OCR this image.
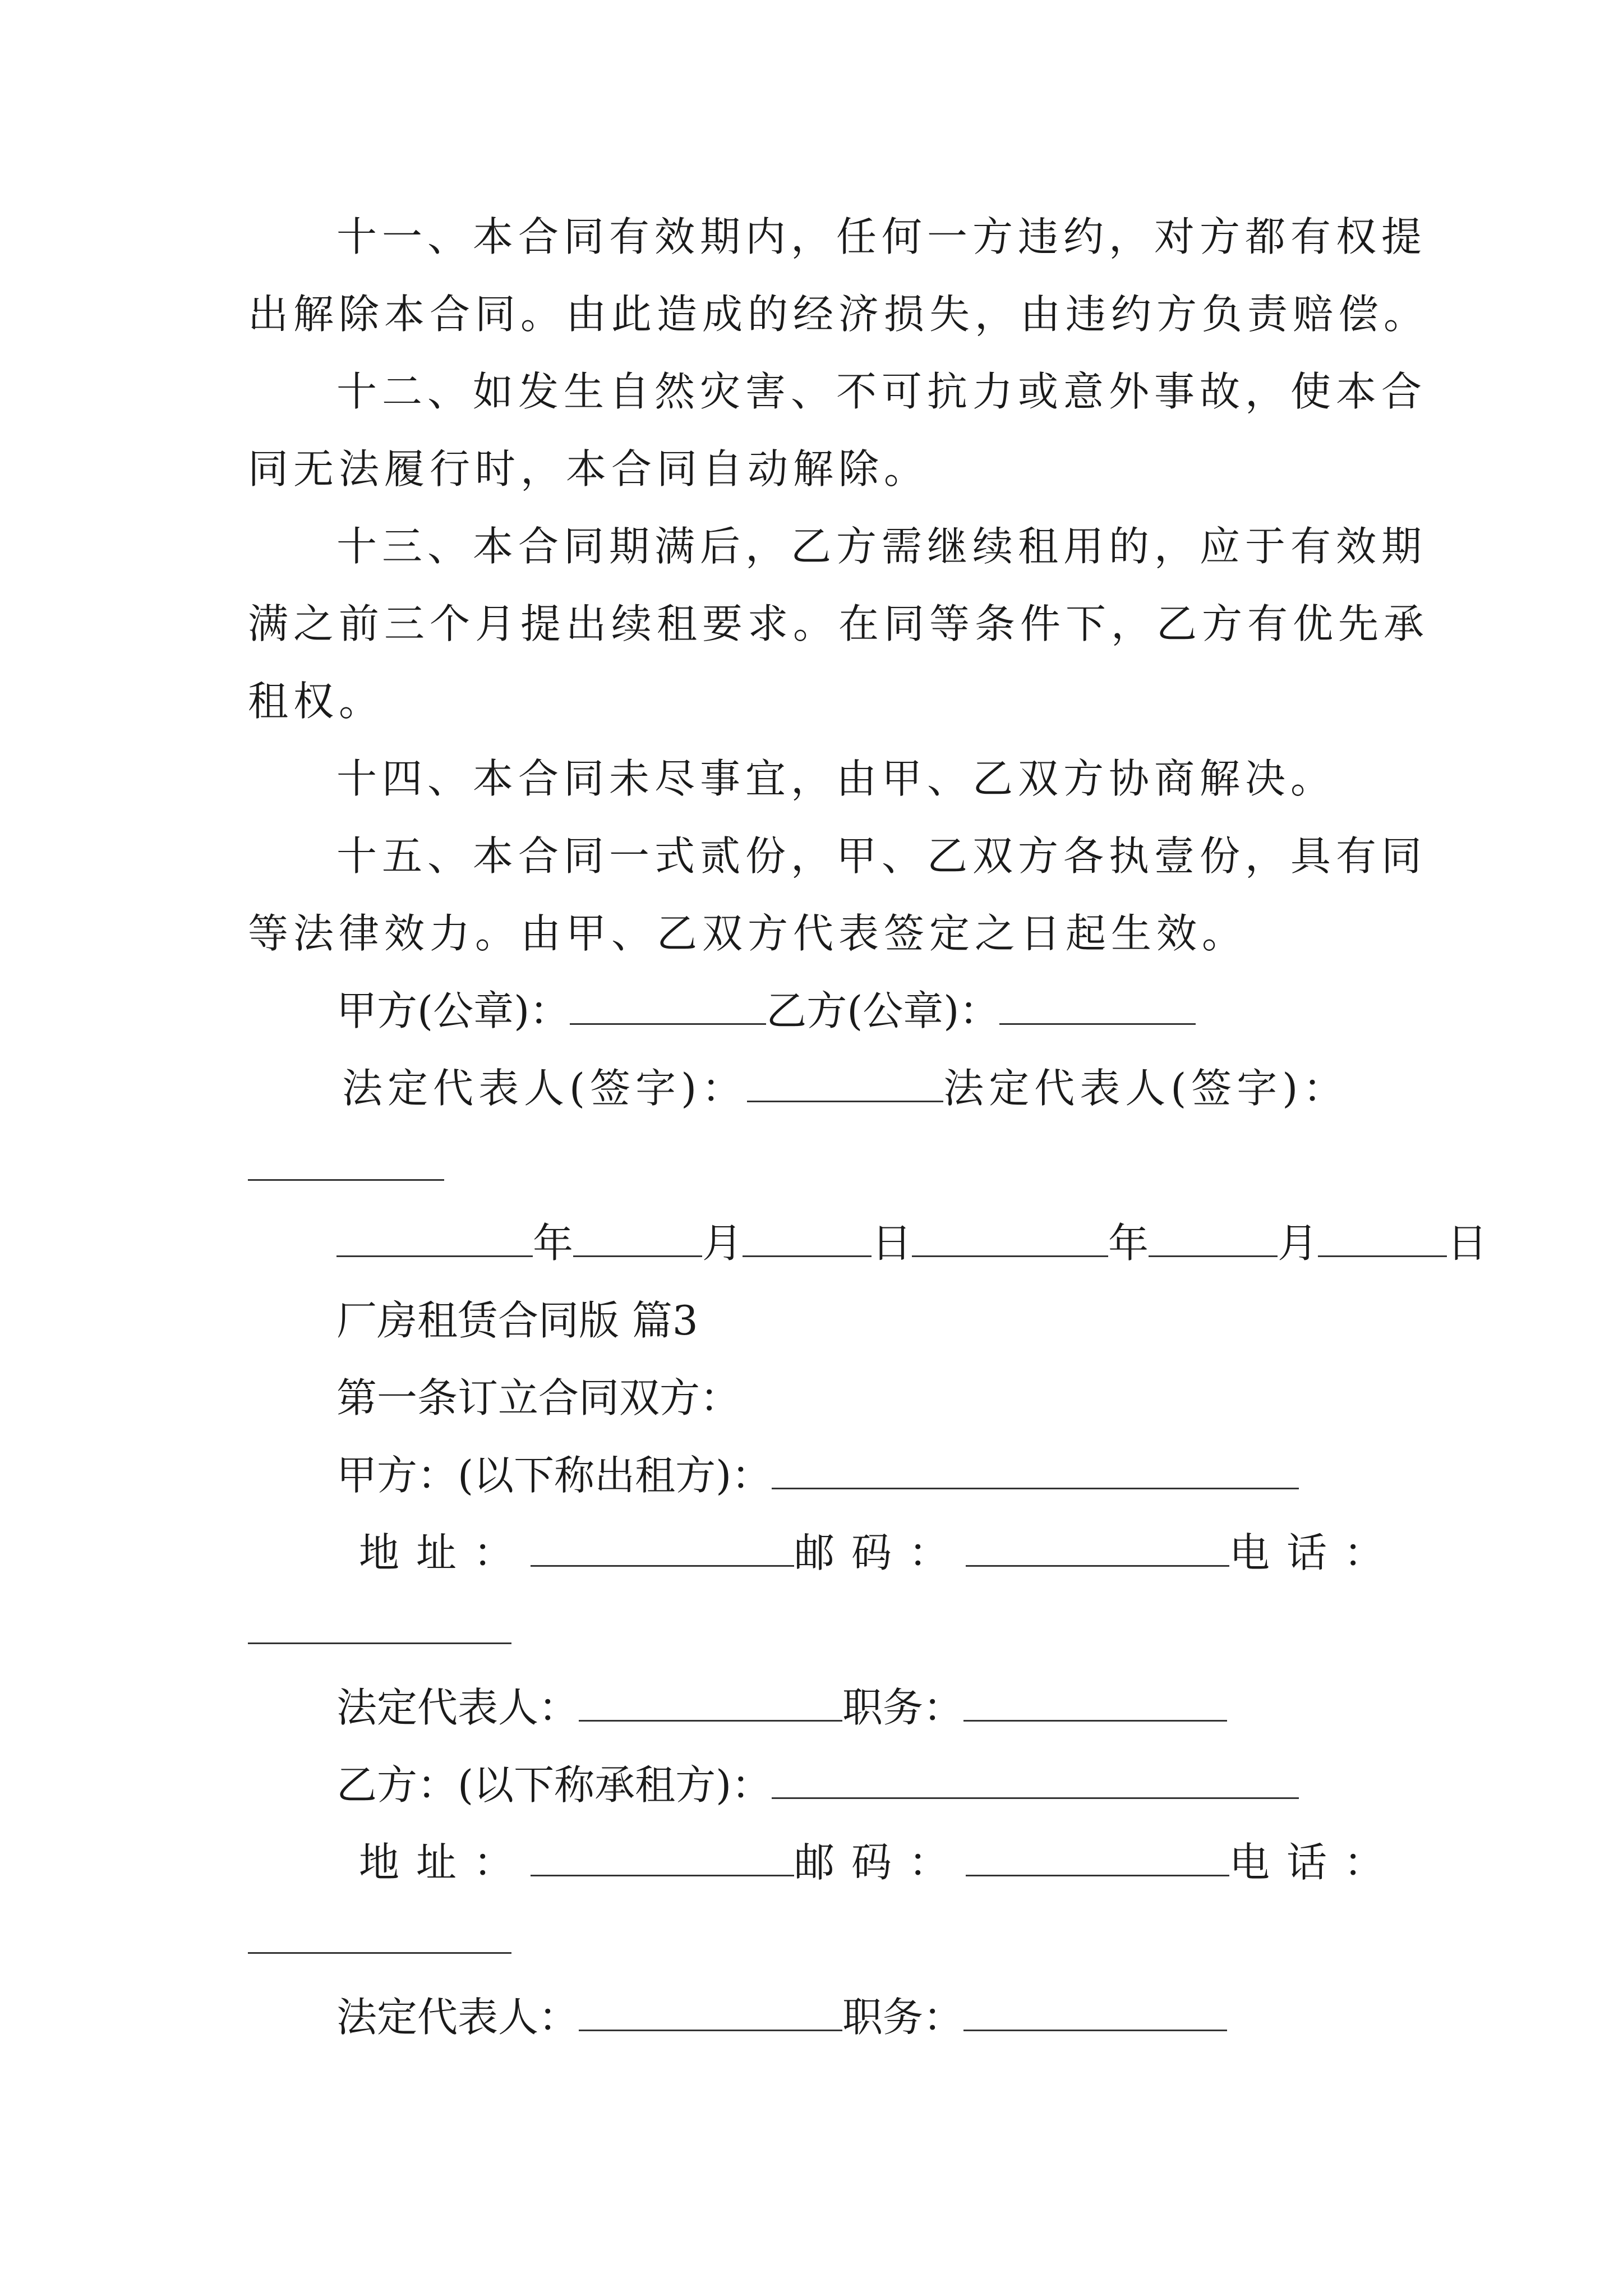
十一、本合同有效期内，任何一方违约，对方都有权提
出解除本合同。由此造成的经济损失，由违约方负责赔偿。
十二、如发生自然灾害、不可抗力或意外事故，使本合
同无法履行时，本合同自动解除。
十三、本合同期满后，乙方需继续租用的，应于有效期
满之前三个月提出续租要求。在同等条件下，乙方有优先承
租权。
十四、本合同未尽事宜，由甲、乙双方协商解决。
十五、本合同一式贰份，甲、乙双方各执壹份，具有同
等法律效力。由甲、乙双方代表签定之日起生效。
甲方(公章)：	乙方(公章)：
法定代表人(签字)：	法定代表人(签字)：
年	月	日	年	月	日
厂房租赁合同版 篇3
第一条订立合同双方：
甲方：(以下称出租方)：
地址：	邮码：	电话：
法定代表人：	职务：
乙方：(以下称承租方)：
地址：	邮码：	电话：
法定代表人：	职务：
